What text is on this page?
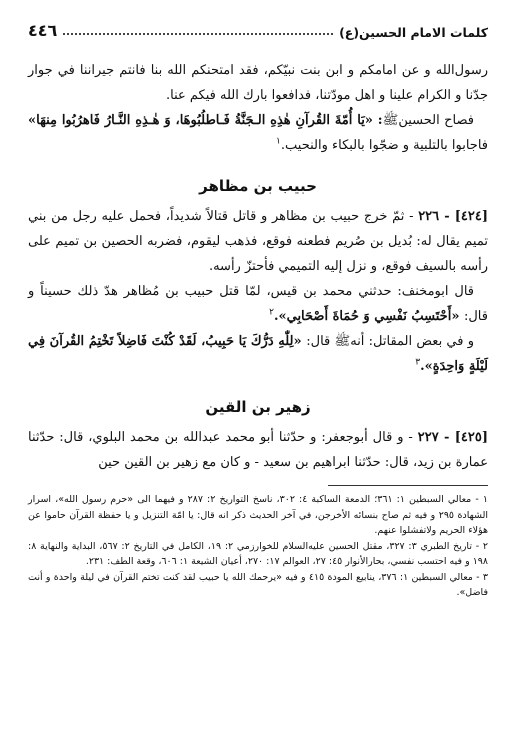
٤٤٦	كلمات الامام الحسين(ع)

رسول‌الله و عن امامكم و ابن بنت نبيّكم، فقد امتحنكم الله بنا فانتم جيراننا في جوار جدّنا و الكرام علينا و اهل مودّتنا، فدافعوا بارك الله فيكم عنا.

فصاح الحسينﷺ: «يَا أُمّةَ القُرآنِ هٰذِهِ الـجَنَّةُ فَـاطلُبُوهَا، وَ هٰـذِهِ النَّـارُ فَاهرُبُوا مِنهَا» فاجابوا بالتلبية و ضجّوا بالبكاء والنحيب.$^١$

حبيب بن مظاهر

[٤٢٤] - ٢٢٦ - ثمّ خرج حبيب بن مظاهر و قاتل قتالاً شديداً، فحمل عليه رجل من بني تميم يقال له: بُديل بن صُريم فطعنه فوقع، فذهب ليقوم، فضربه الحصين بن تميم على رأسه بالسيف فوقع، و نزل إليه التميمي فأحتزّ رأسه.

قال ابومخنف: حدثني محمد بن قيس، لمّا قتل حبيب بن مُظاهر هدّ ذلك حسيناً و قال: «أَحْتَسِبُ نَفْسِي وَ حُمَاةَ أَصْحَابِي».$^٢$

و في بعض المقاتل: أنهﷺ قال: «لِلّٰهِ دَرُّكَ يَا حَبِيبُ، لَقَدْ كُنْتَ فَاضِلاً تَخْتِمُ القُرآنَ فِي لَيْلَةٍ وَاحِدَةٍ».$^٣$

زهير بن القين

[٤٢٥] - ٢٢٧ - و قال أبوجعفر: و حدّثنا أبو محمد عبدالله بن محمد البلوي، قال: حدّثنا عمارة بن زيد، قال: حدّثنا ابراهيم بن سعيد - و كان مع زهير بن القين حين

١ - معالي السبطين ١: ٣٦١؛ الدمعة الساكبة ٤: ٣٠٢، ناسخ التواريخ ٢: ٢٨٧ و فيهما الى «حرم رسول الله»، اسرار الشهادة ٢٩٥ و فيه ثم صاح بنسائه الأخرجن، في آخر الحديث ذكر انه قال: يا امّة التنزيل و يا حفظة القرآن حاموا عن هؤلاء الحريم ولاتفشلوا عنهم.

٢ - تاريخ الطبري ٣: ٣٢٧، مقتل الحسين عليه‌السلام للخوارزمي ٢: ١٩، الكامل في التاريخ ٢: ٥٦٧، البداية والنهاية ٨: ١٩٨ و فيه احتسب نفسي، بحارالأنوار ٤٥: ٢٧، العوالم ١٧: ٢٧٠، أعيان الشيعة ١: ٦٠٦، وقعة الطف: ٢٣١.

٣ - معالي السبطين ١: ٣٧٦، ينابيع المودة ٤١٥ و فيه «يرحمك الله يا حبيب لقد كنت تختم القرآن في ليلة واحدة و أنت فاضل».
